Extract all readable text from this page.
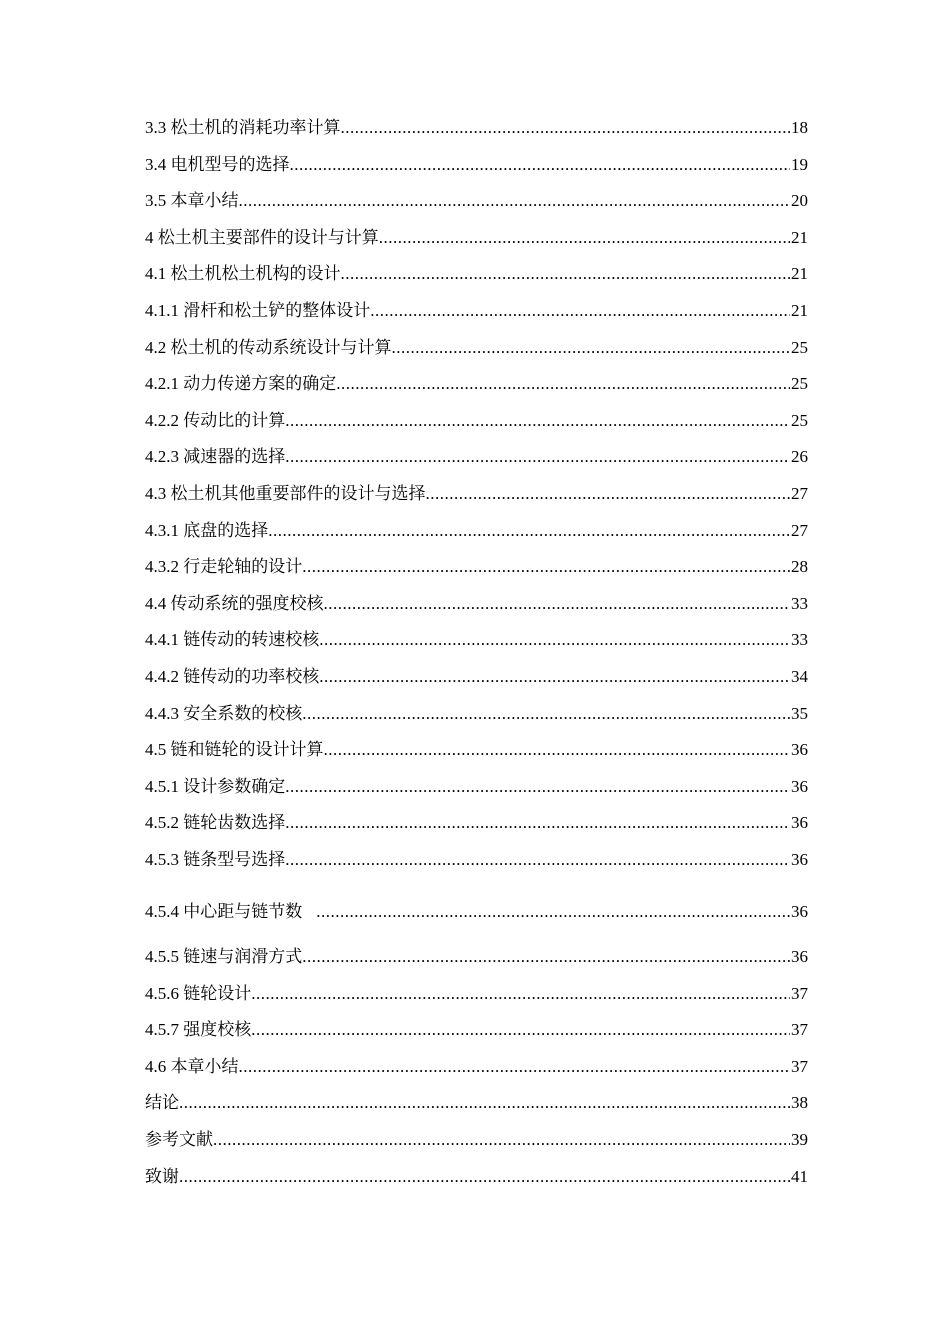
3.3 松土机的消耗功率计算 .....	18
3.4 电机型号的选择 .....	19
3.5 本章小结 .....	20
4 松土机主要部件的设计与计算 .....	21
4.1 松土机松土机构的设计 .....	21
4.1.1 滑杆和松土铲的整体设计 .....	21
4.2 松土机的传动系统设计与计算 .....	25
4.2.1 动力传递方案的确定 .....	25
4.2.2 传动比的计算 .....	25
4.2.3 减速器的选择 .....	26
4.3 松土机其他重要部件的设计与选择 .....	27
4.3.1 底盘的选择 .....	27
4.3.2 行走轮轴的设计 .....	28
4.4 传动系统的强度校核 .....	33
4.4.1 链传动的转速校核 .....	33
4.4.2 链传动的功率校核 .....	34
4.4.3 安全系数的校核 .....	35
4.5 链和链轮的设计计算 .....	36
4.5.1 设计参数确定 .....	36
4.5.2 链轮齿数选择 .....	36
4.5.3 链条型号选择 .....	36
4.5.4 中心距与链节数 .....	36
4.5.5 链速与润滑方式 .....	36
4.5.6 链轮设计 .....	37
4.5.7 强度校核 .....	37
4.6 本章小结 .....	37
结论 .....	38
参考文献 .....	39
致谢 .....	41
